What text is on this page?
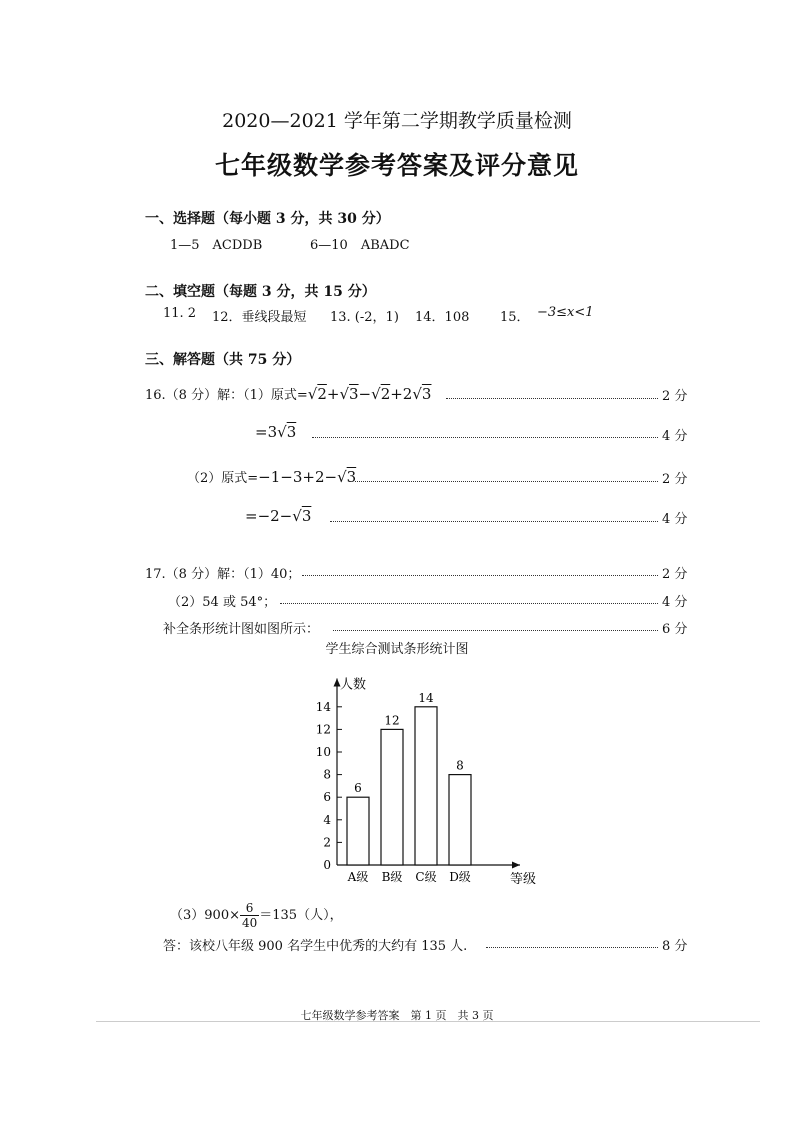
2020—2021 学年第二学期教学质量检测
七年级数学参考答案及评分意见
一、选择题（每小题 3 分，共 30 分）
1—5　ACDDB	6—10　ABADC
二、填空题（每题 3 分，共 15 分）
11. 2 12．垂线段最短 13. (-2，1) 14．108 15． −3≤x<1
三、解答题（共 75 分）
16.（8 分）解：（1）原式=√2+√3−√2+2√3	2 分
=3√3	4 分
（2）原式=−1−3+2−√3	2 分
=−2−√3	4 分
17.（8 分）解：（1）40；	2 分
（2）54 或 54°；	4 分
补全条形统计图如图所示：	6 分
学生综合测试条形统计图
人数
等级
0
2
4
6
8
10
12
14
6
A级
12
B级
14
C级
8
D级
$(3)900\times \frac{6}{40} =135$（人），
答：该校八年级 900 名学生中优秀的大约有 135 人.	8 分
七年级数学参考答案　第 1 页　共 3 页
